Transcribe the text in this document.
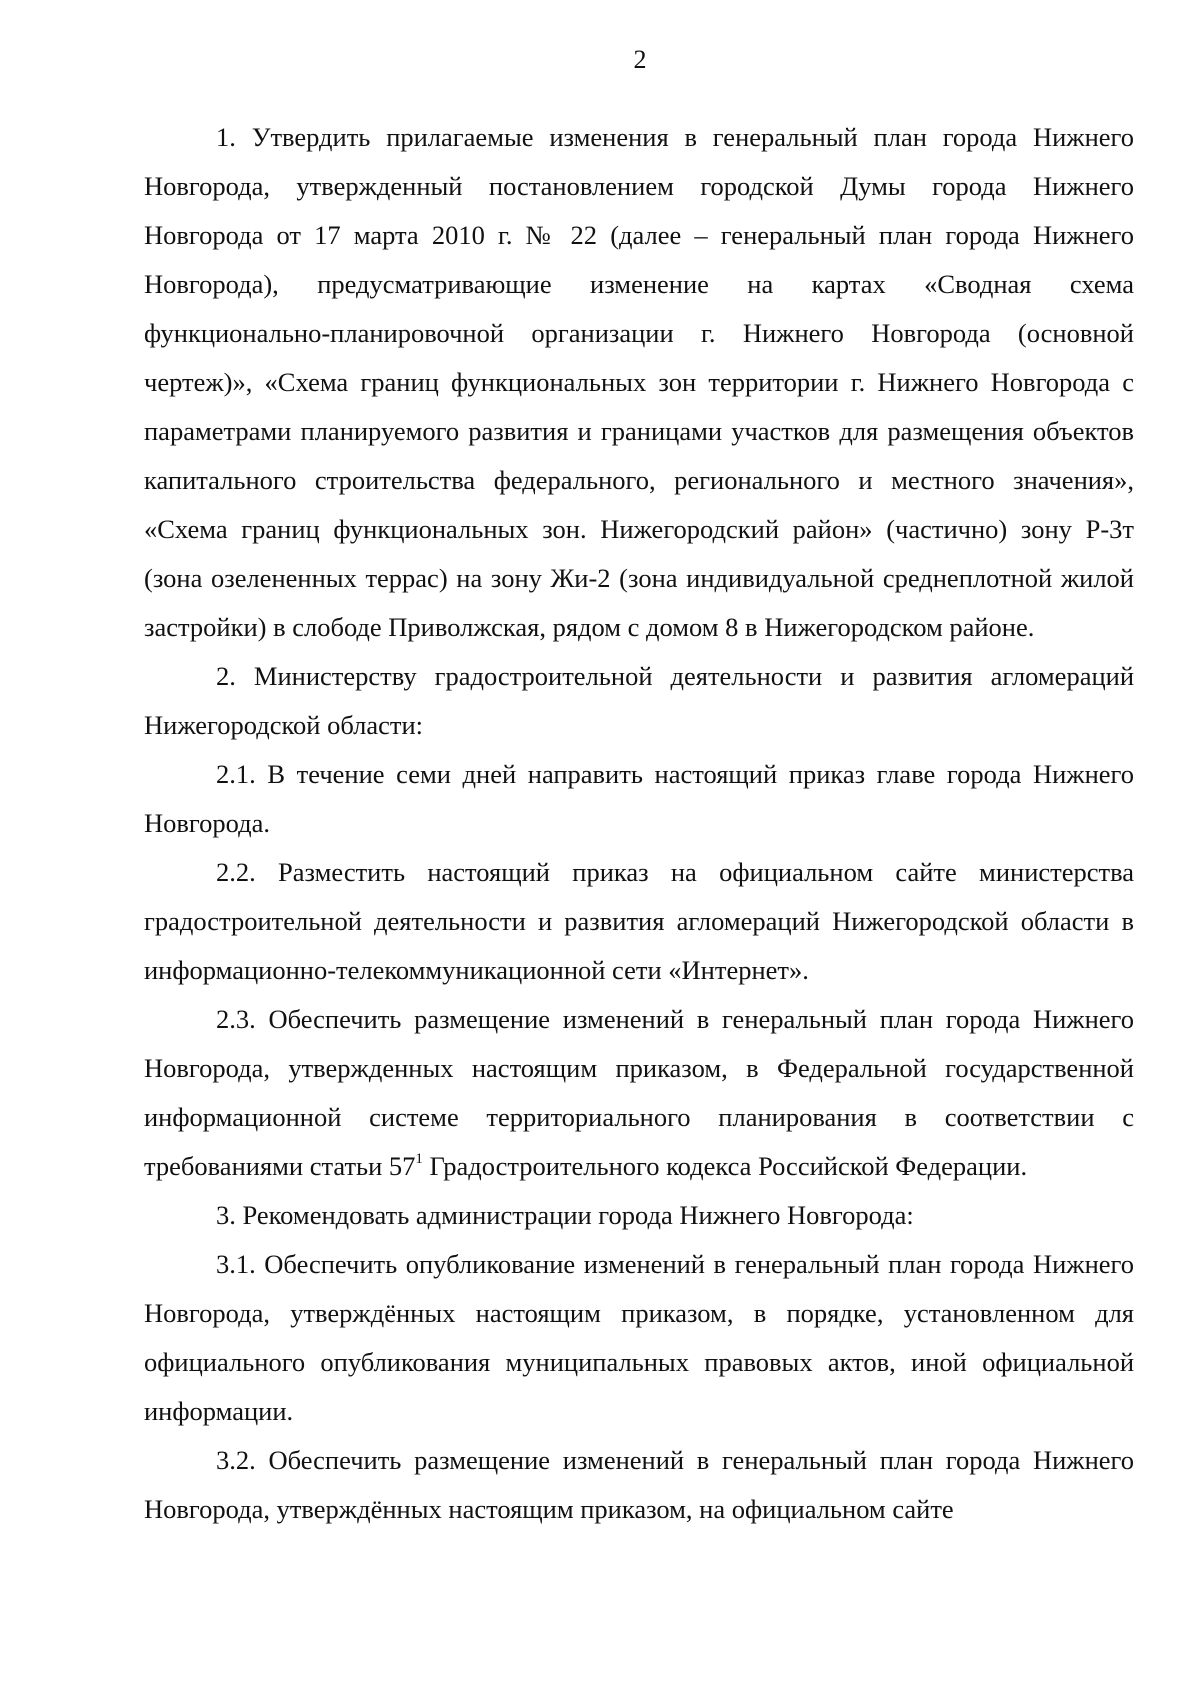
2

1. Утвердить прилагаемые изменения в генеральный план города Нижнего Новгорода, утвержденный постановлением городской Думы города Нижнего Новгорода от 17 марта 2010 г. № 22 (далее – генеральный план города Нижнего Новгорода), предусматривающие изменение на картах «Сводная схема функционально-планировочной организации г. Нижнего Новгорода (основной чертеж)», «Схема границ функциональных зон территории г. Нижнего Новгорода с параметрами планируемого развития и границами участков для размещения объектов капитального строительства федерального, регионального и местного значения», «Схема границ функциональных зон. Нижегородский район» (частично) зону Р-3т (зона озелененных террас) на зону Жи-2 (зона индивидуальной среднеплотной жилой застройки) в слободе Приволжская, рядом с домом 8 в Нижегородском районе.

2. Министерству градостроительной деятельности и развития агломераций Нижегородской области:

2.1. В течение семи дней направить настоящий приказ главе города Нижнего Новгорода.

2.2. Разместить настоящий приказ на официальном сайте министерства градостроительной деятельности и развития агломераций Нижегородской области в информационно-телекоммуникационной сети «Интернет».

2.3. Обеспечить размещение изменений в генеральный план города Нижнего Новгорода, утвержденных настоящим приказом, в Федеральной государственной информационной системе территориального планирования в соответствии с требованиями статьи $57^1$ Градостроительного кодекса Российской Федерации.

3. Рекомендовать администрации города Нижнего Новгорода:

3.1. Обеспечить опубликование изменений в генеральный план города Нижнего Новгорода, утверждённых настоящим приказом, в порядке, установленном для официального опубликования муниципальных правовых актов, иной официальной информации.

3.2. Обеспечить размещение изменений в генеральный план города Нижнего Новгорода, утверждённых настоящим приказом, на официальном сайте
